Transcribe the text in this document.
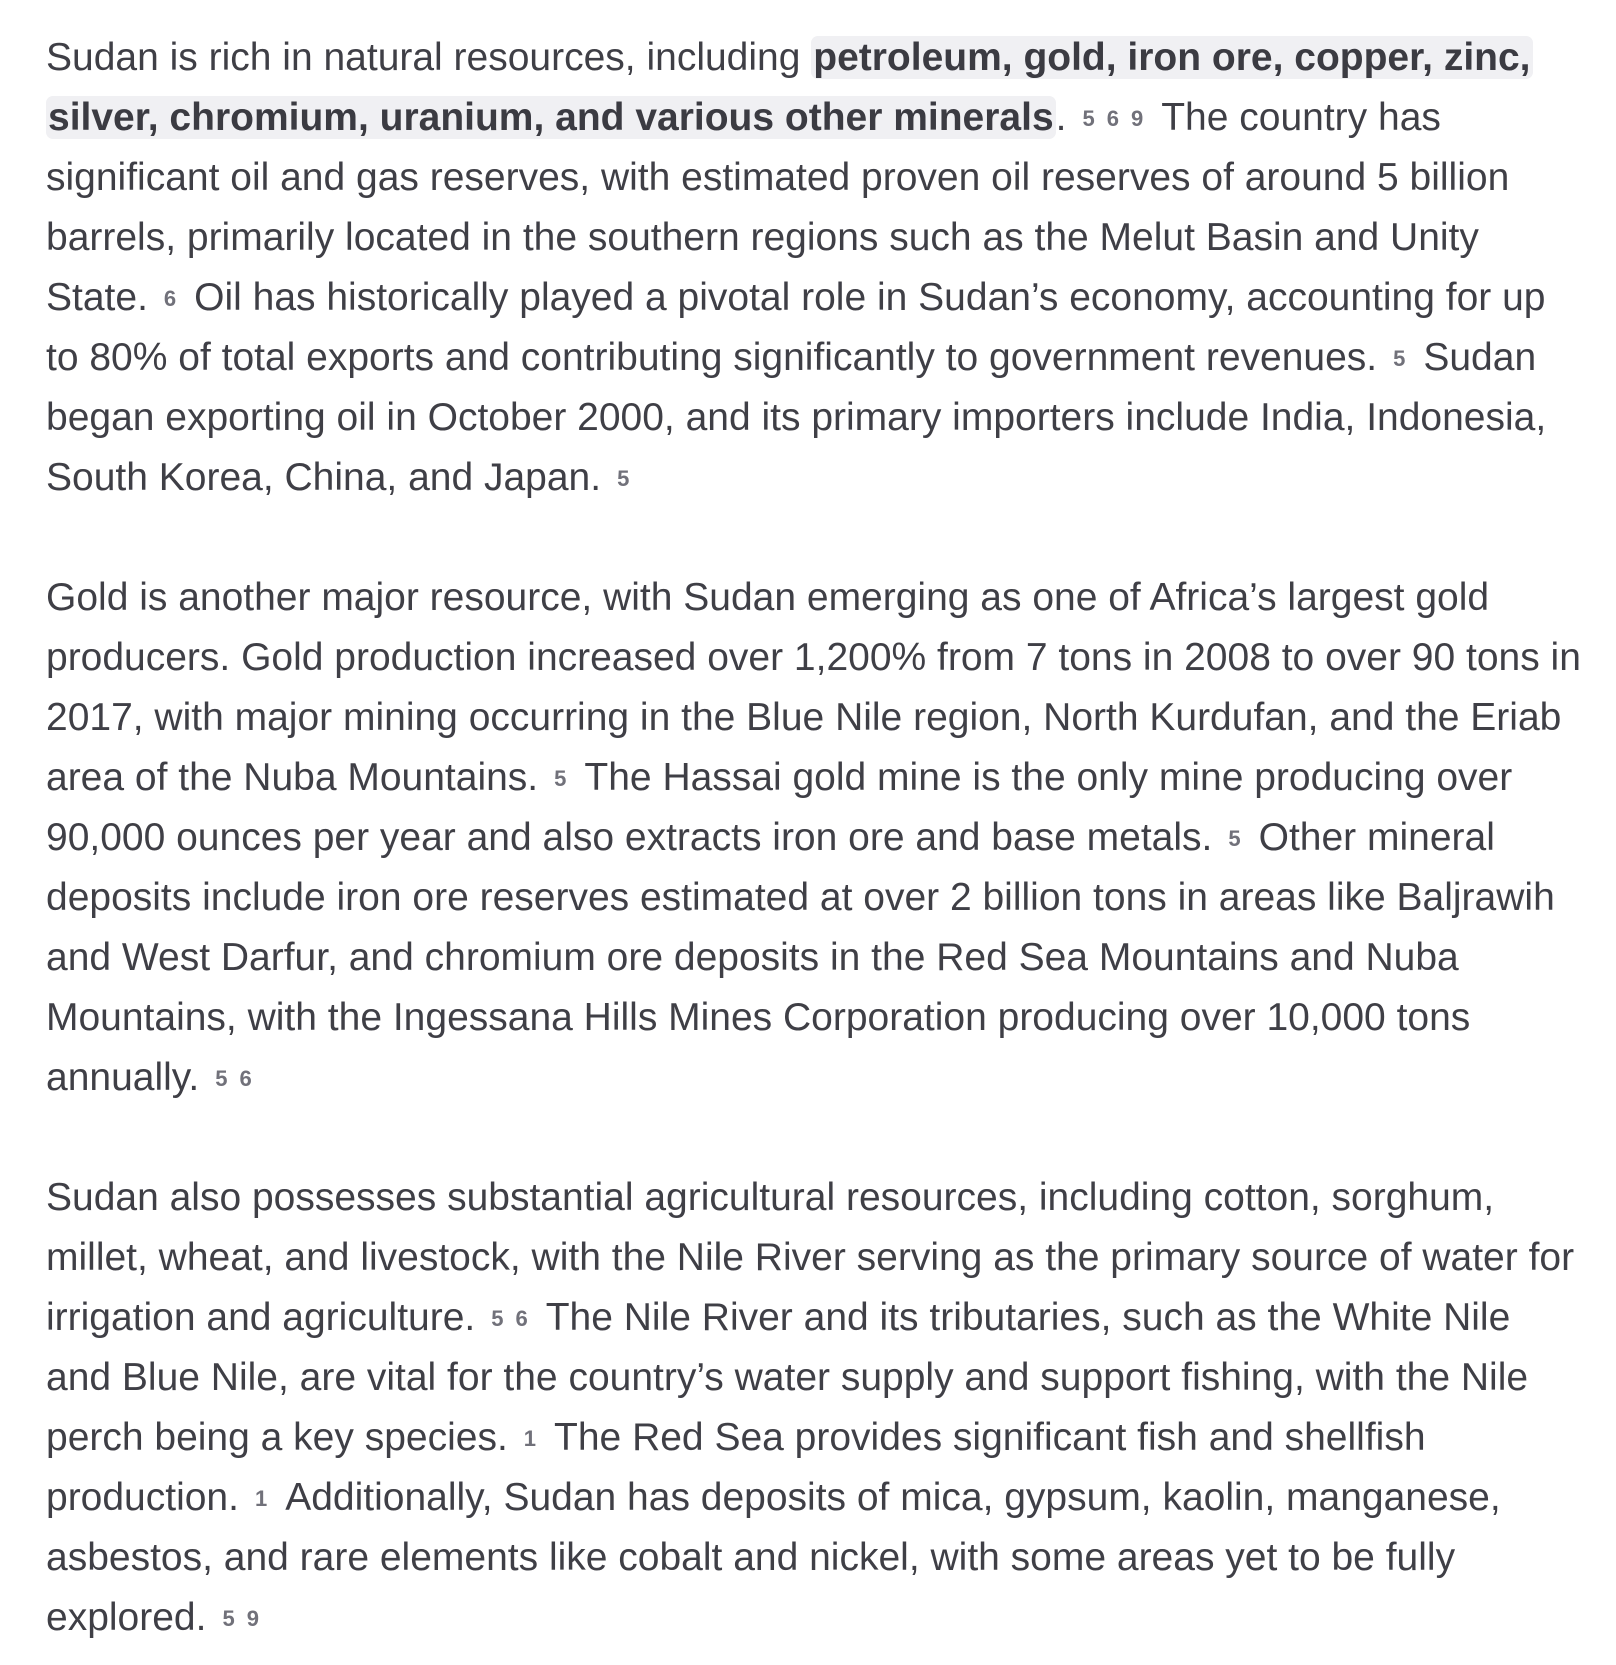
Sudan is rich in natural resources, including petroleum, gold, iron ore, copper, zinc, silver, chromium, uranium, and various other minerals. 5 6 9 The country has significant oil and gas reserves, with estimated proven oil reserves of around 5 billion barrels, primarily located in the southern regions such as the Melut Basin and Unity State. 6 Oil has historically played a pivotal role in Sudan’s economy, accounting for up to 80% of total exports and contributing significantly to government revenues. 5 Sudan began exporting oil in October 2000, and its primary importers include India, Indonesia, South Korea, China, and Japan. 5

Gold is another major resource, with Sudan emerging as one of Africa’s largest gold producers. Gold production increased over 1,200% from 7 tons in 2008 to over 90 tons in 2017, with major mining occurring in the Blue Nile region, North Kurdufan, and the Eriab area of the Nuba Mountains. 5 The Hassai gold mine is the only mine producing over 90,000 ounces per year and also extracts iron ore and base metals. 5 Other mineral deposits include iron ore reserves estimated at over 2 billion tons in areas like Baljrawih and West Darfur, and chromium ore deposits in the Red Sea Mountains and Nuba Mountains, with the Ingessana Hills Mines Corporation producing over 10,000 tons annually. 5 6

Sudan also possesses substantial agricultural resources, including cotton, sorghum, millet, wheat, and livestock, with the Nile River serving as the primary source of water for irrigation and agriculture. 5 6 The Nile River and its tributaries, such as the White Nile and Blue Nile, are vital for the country’s water supply and support fishing, with the Nile perch being a key species. 1 The Red Sea provides significant fish and shellfish production. 1 Additionally, Sudan has deposits of mica, gypsum, kaolin, manganese, asbestos, and rare elements like cobalt and nickel, with some areas yet to be fully explored. 5 9
